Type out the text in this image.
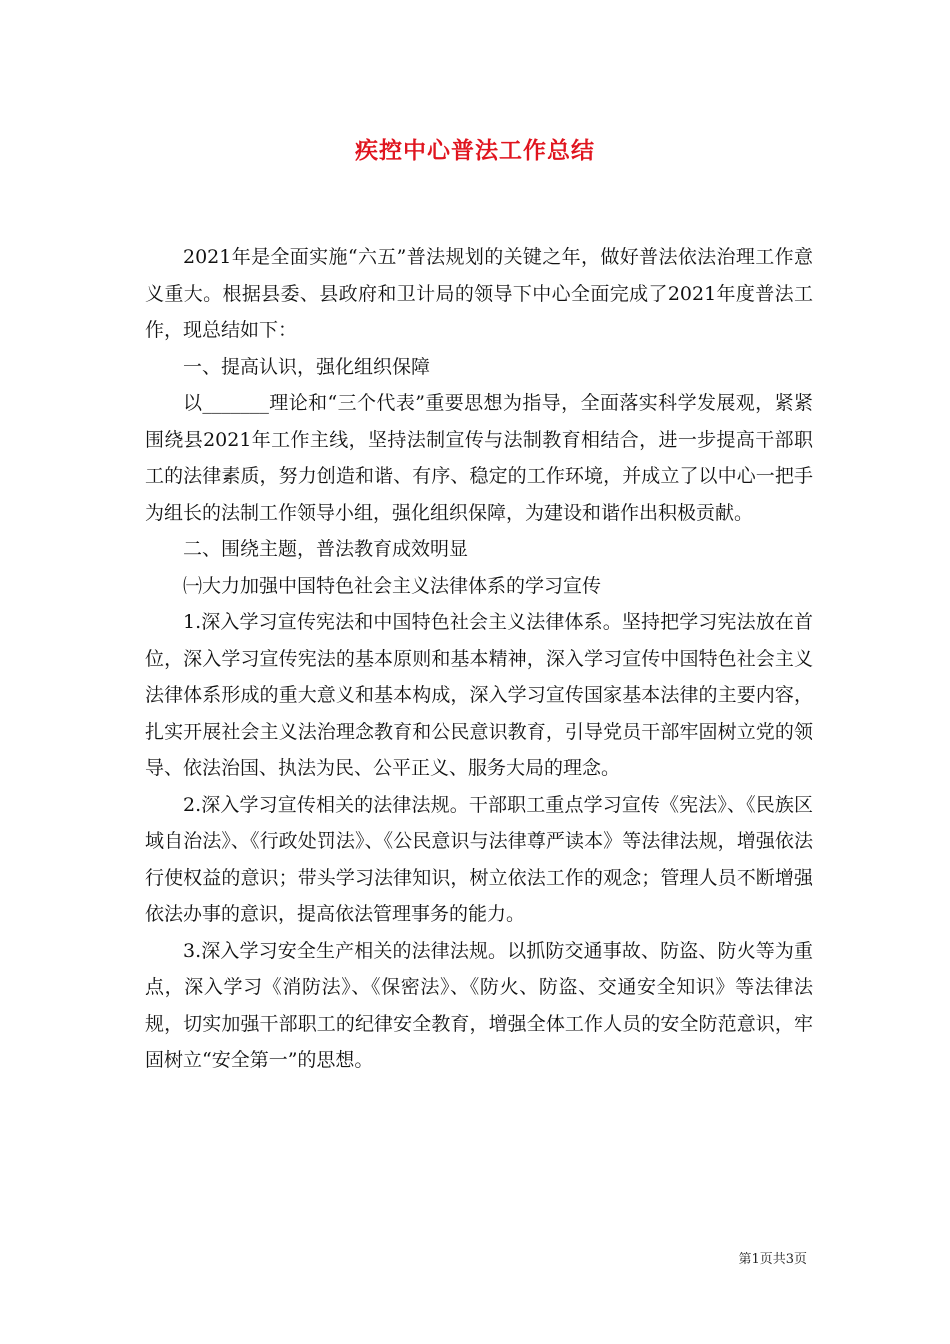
疾控中心普法工作总结

2021年是全面实施“六五”普法规划的关键之年，做好普法依法治理工作意义重大。根据县委、县政府和卫计局的领导下中心全面完成了2021年度普法工作，现总结如下：

一、提高认识，强化组织保障

以_______理论和“三个代表”重要思想为指导，全面落实科学发展观，紧紧围绕县2021年工作主线，坚持法制宣传与法制教育相结合，进一步提高干部职工的法律素质，努力创造和谐、有序、稳定的工作环境，并成立了以中心一把手为组长的法制工作领导小组，强化组织保障，为建设和谐作出积极贡献。

二、围绕主题，普法教育成效明显

㈠大力加强中国特色社会主义法律体系的学习宣传

1.深入学习宣传宪法和中国特色社会主义法律体系。坚持把学习宪法放在首位，深入学习宣传宪法的基本原则和基本精神，深入学习宣传中国特色社会主义法律体系形成的重大意义和基本构成，深入学习宣传国家基本法律的主要内容，扎实开展社会主义法治理念教育和公民意识教育，引导党员干部牢固树立党的领导、依法治国、执法为民、公平正义、服务大局的理念。

2.深入学习宣传相关的法律法规。干部职工重点学习宣传《宪法》、《民族区域自治法》、《行政处罚法》、《公民意识与法律尊严读本》等法律法规，增强依法行使权益的意识；带头学习法律知识，树立依法工作的观念；管理人员不断增强依法办事的意识，提高依法管理事务的能力。

3.深入学习安全生产相关的法律法规。以抓防交通事故、防盗、防火等为重点，深入学习《消防法》、《保密法》、《防火、防盗、交通安全知识》等法律法规，切实加强干部职工的纪律安全教育，增强全体工作人员的安全防范意识，牢固树立“安全第一”的思想。

第1页共3页
